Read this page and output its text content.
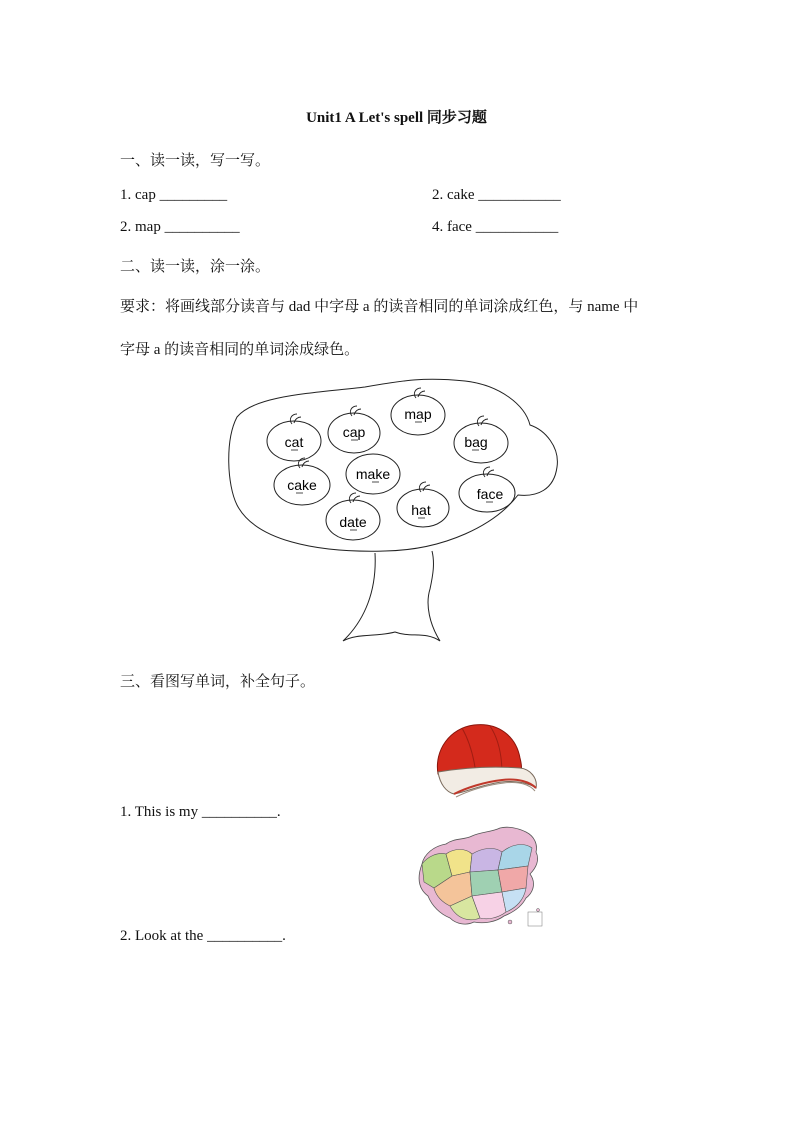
Unit1 A Let's spell 同步习题
一、读一读，写一写。
1. cap _________	2. cake ___________
2. map __________	4. face ___________
二、读一读，涂一涂。
要求：将画线部分读音与 dad 中字母 a 的读音相同的单词涂成红色，与 name 中
字母 a 的读音相同的单词涂成绿色。
cat
cap
map
bag
cake
make
face
date
hat
三、看图写单词，补全句子。
1. This is my __________.
2. Look at the __________.
